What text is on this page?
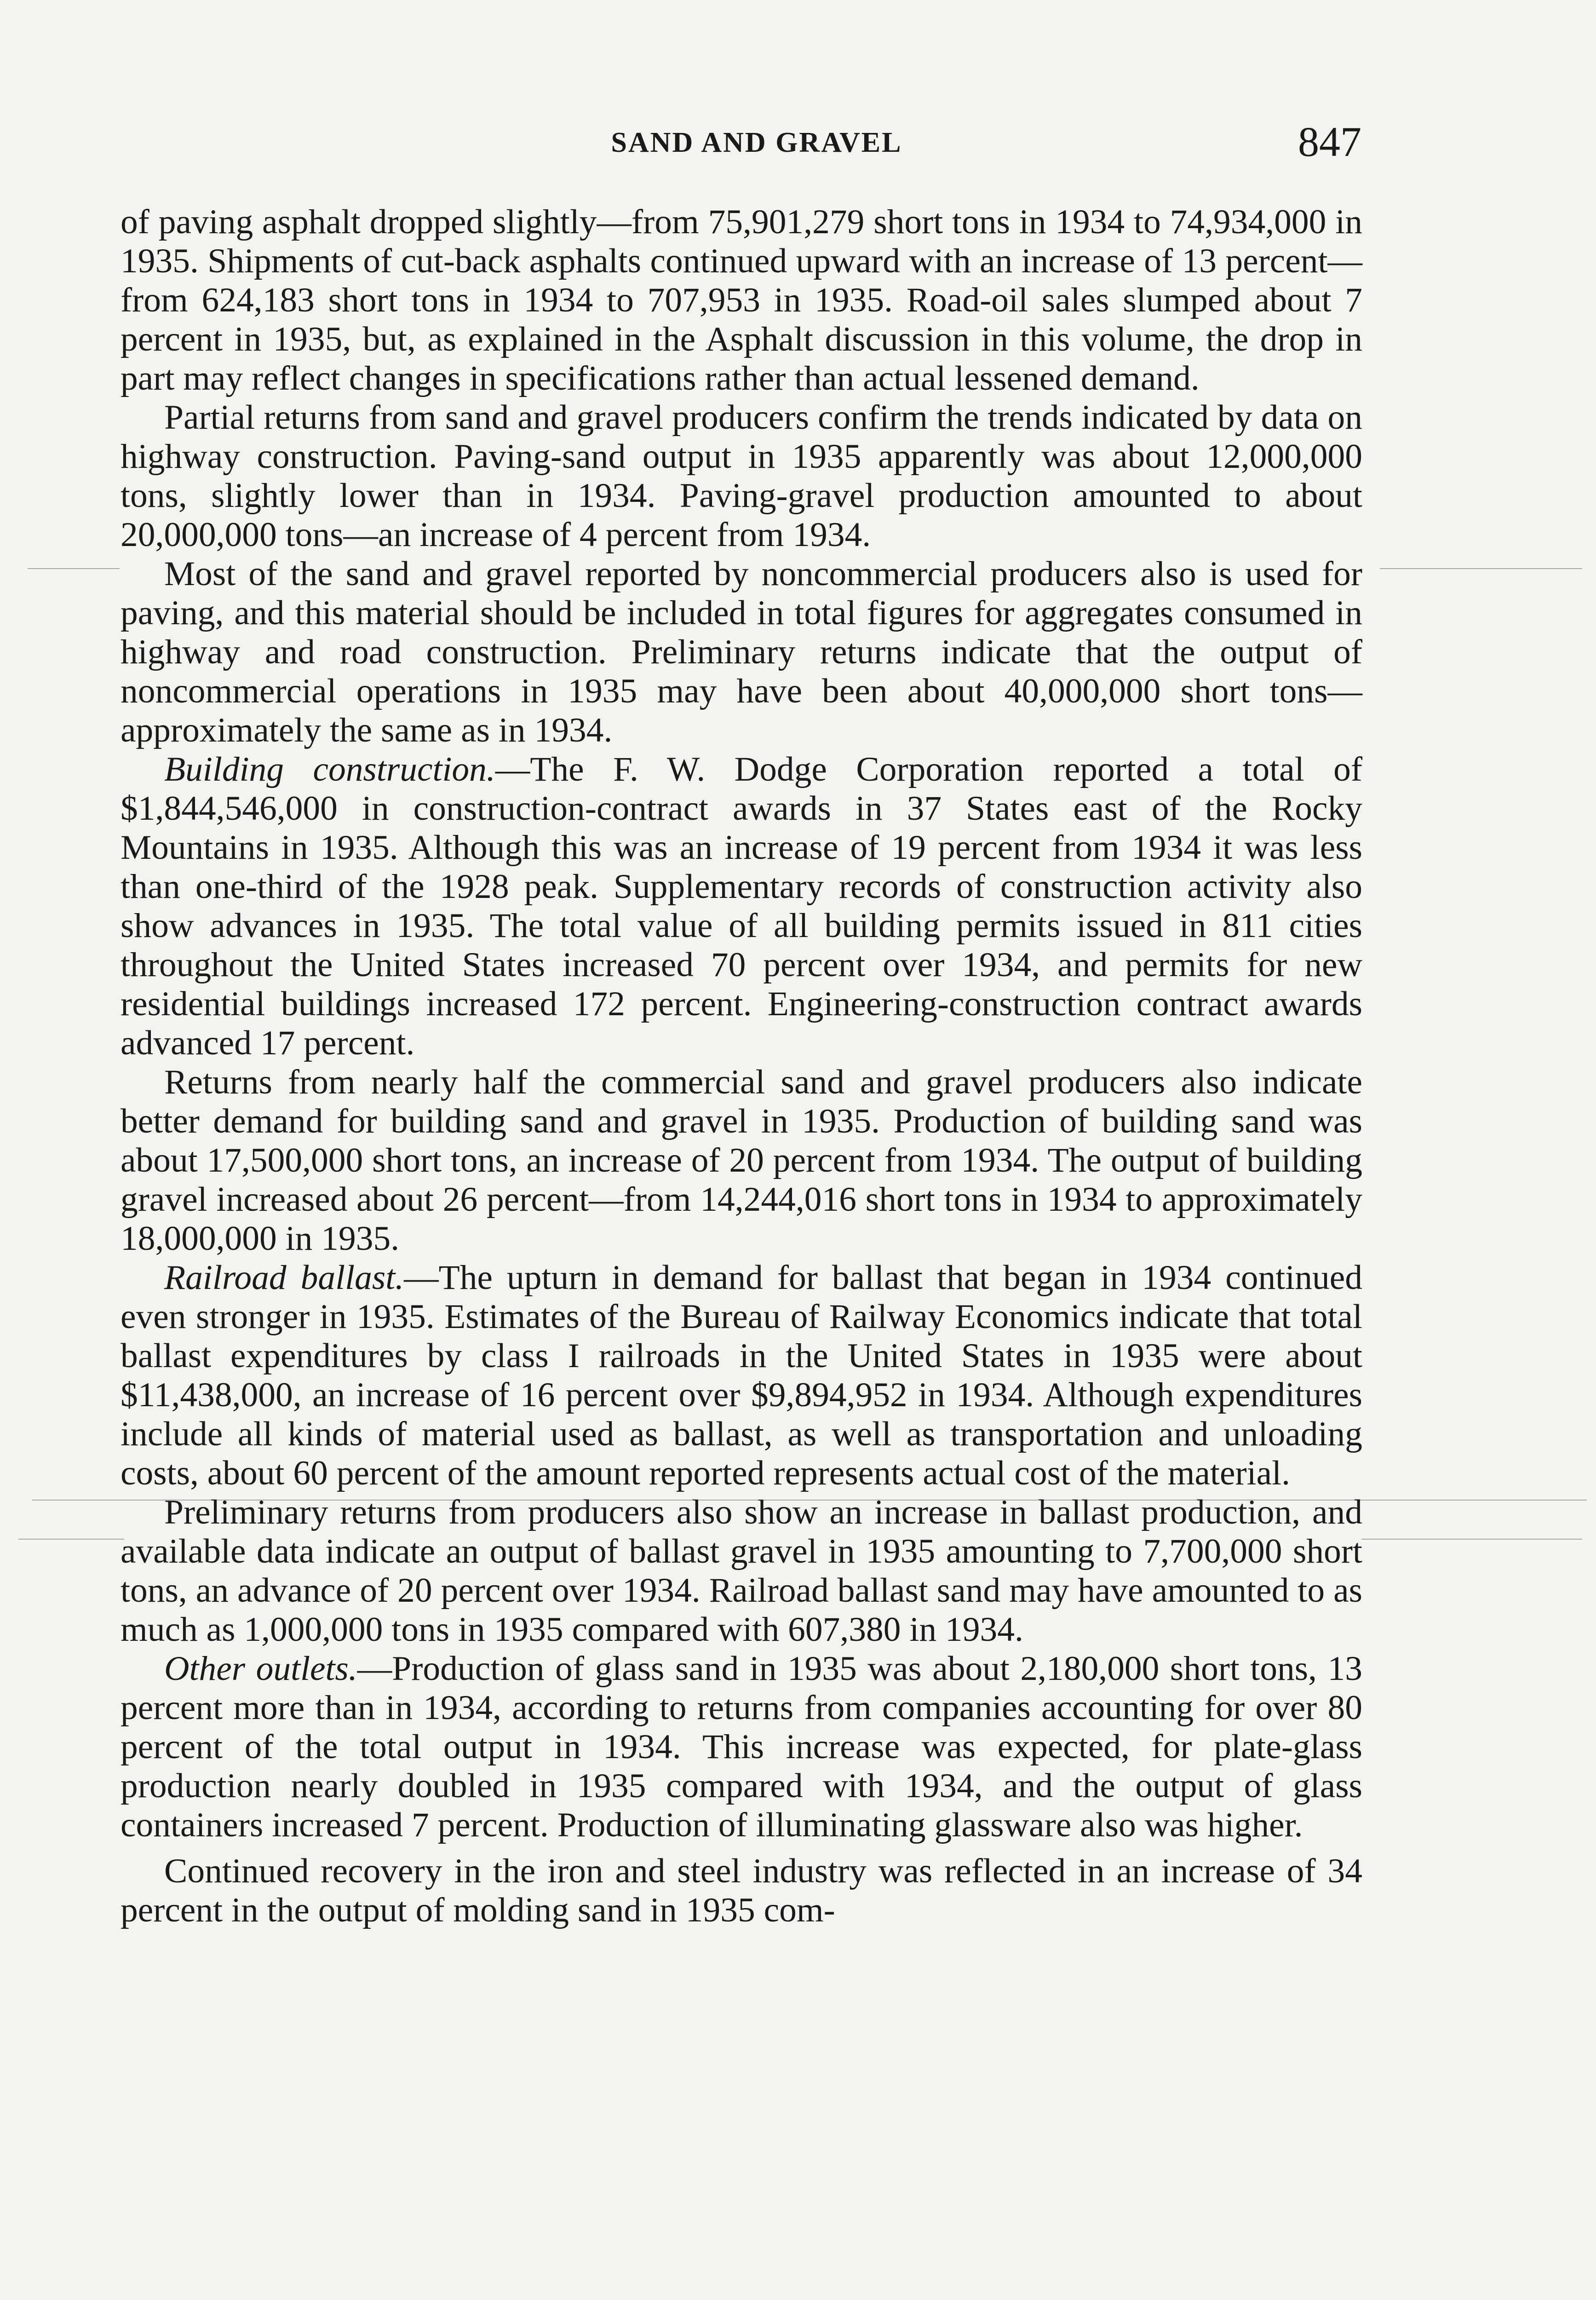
SAND AND GRAVEL	847

of paving asphalt dropped slightly—from 75,901,279 short tons in 1934 to 74,934,000 in 1935. Shipments of cut-back asphalts continued upward with an increase of 13 percent—from 624,183 short tons in 1934 to 707,953 in 1935. Road-oil sales slumped about 7 percent in 1935, but, as explained in the Asphalt discussion in this volume, the drop in part may reflect changes in specifications rather than actual lessened demand.

Partial returns from sand and gravel producers confirm the trends indicated by data on highway construction. Paving-sand output in 1935 apparently was about 12,000,000 tons, slightly lower than in 1934. Paving-gravel production amounted to about 20,000,000 tons—an increase of 4 percent from 1934.

Most of the sand and gravel reported by noncommercial producers also is used for paving, and this material should be included in total figures for aggregates consumed in highway and road construction. Preliminary returns indicate that the output of noncommercial operations in 1935 may have been about 40,000,000 short tons—approximately the same as in 1934.

Building construction.—The F. W. Dodge Corporation reported a total of $1,844,546,000 in construction-contract awards in 37 States east of the Rocky Mountains in 1935. Although this was an increase of 19 percent from 1934 it was less than one-third of the 1928 peak. Supplementary records of construction activity also show advances in 1935. The total value of all building permits issued in 811 cities throughout the United States increased 70 percent over 1934, and permits for new residential buildings increased 172 percent. Engineering-construction contract awards advanced 17 percent.

Returns from nearly half the commercial sand and gravel producers also indicate better demand for building sand and gravel in 1935. Production of building sand was about 17,500,000 short tons, an increase of 20 percent from 1934. The output of building gravel increased about 26 percent—from 14,244,016 short tons in 1934 to approximately 18,000,000 in 1935.

Railroad ballast.—The upturn in demand for ballast that began in 1934 continued even stronger in 1935. Estimates of the Bureau of Railway Economics indicate that total ballast expenditures by class I railroads in the United States in 1935 were about $11,438,000, an increase of 16 percent over $9,894,952 in 1934. Although expenditures include all kinds of material used as ballast, as well as transportation and unloading costs, about 60 percent of the amount reported represents actual cost of the material.

Preliminary returns from producers also show an increase in ballast production, and available data indicate an output of ballast gravel in 1935 amounting to 7,700,000 short tons, an advance of 20 percent over 1934. Railroad ballast sand may have amounted to as much as 1,000,000 tons in 1935 compared with 607,380 in 1934.

Other outlets.—Production of glass sand in 1935 was about 2,180,000 short tons, 13 percent more than in 1934, according to returns from companies accounting for over 80 percent of the total output in 1934. This increase was expected, for plate-glass production nearly doubled in 1935 compared with 1934, and the output of glass containers increased 7 percent. Production of illuminating glassware also was higher.

Continued recovery in the iron and steel industry was reflected in an increase of 34 percent in the output of molding sand in 1935 com-
